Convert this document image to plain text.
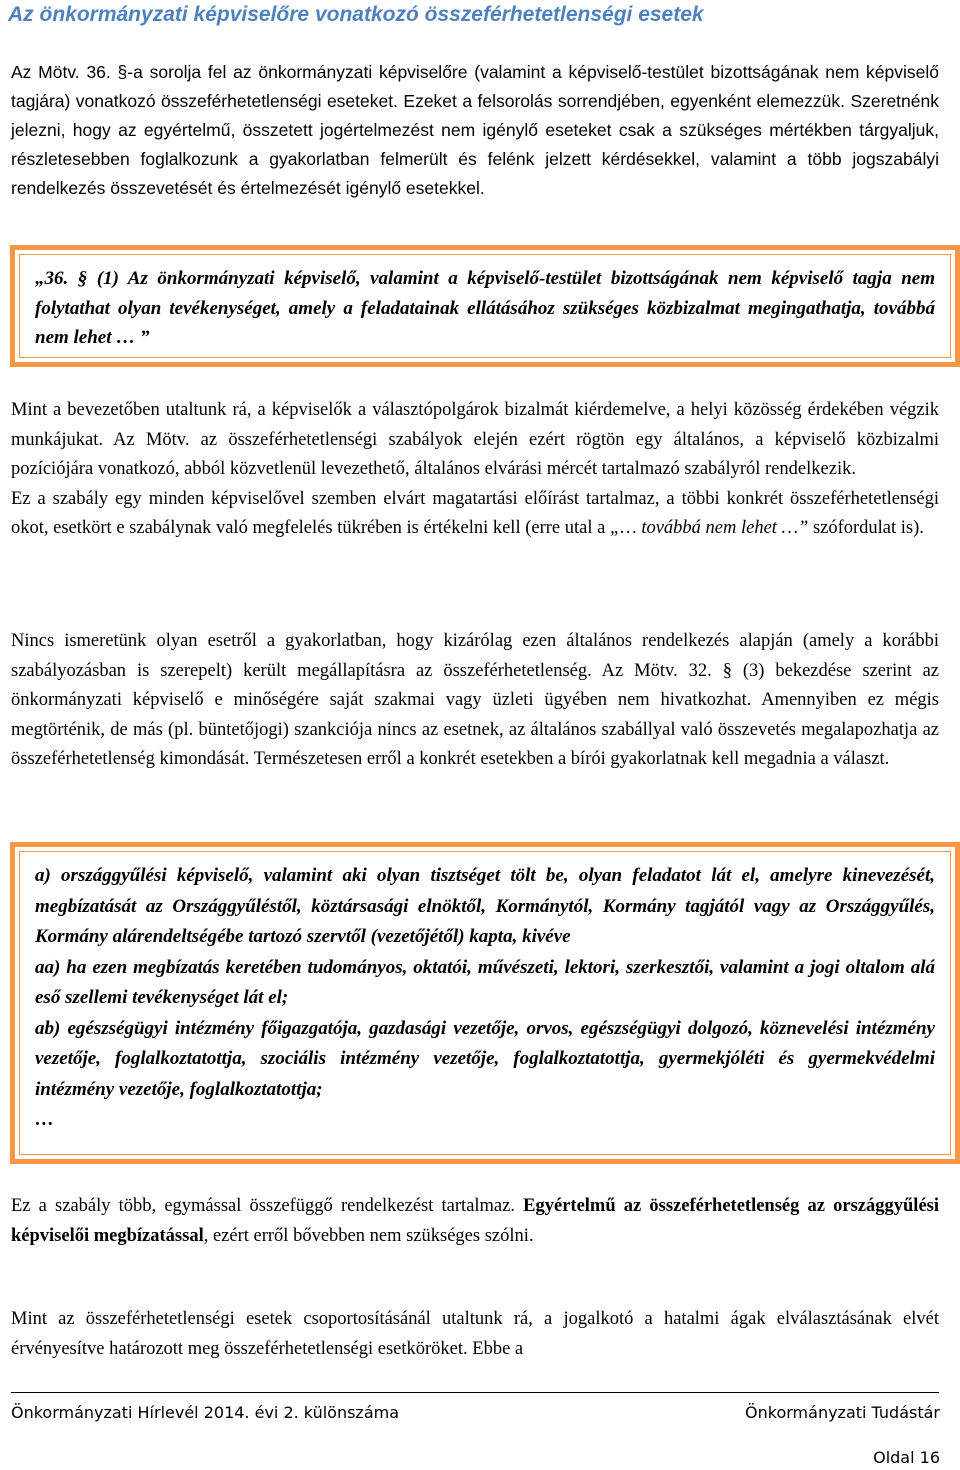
Az önkormányzati képviselőre vonatkozó összeférhetetlenségi esetek

Az Mötv. 36. §-a sorolja fel az önkormányzati képviselőre (valamint a képviselő-testület bizottságának nem képviselő tagjára) vonatkozó összeférhetetlenségi eseteket. Ezeket a felsorolás sorrendjében, egyenként elemezzük. Szeretnénk jelezni, hogy az egyértelmű, összetett jogértelmezést nem igénylő eseteket csak a szükséges mértékben tárgyaljuk, részletesebben foglalkozunk a gyakorlatban felmerült és felénk jelzett kérdésekkel, valamint a több jogszabályi rendelkezés összevetését és értelmezését igénylő esetekkel.

„36. § (1) Az önkormányzati képviselő, valamint a képviselő-testület bizottságának nem képviselő tagja nem folytathat olyan tevékenységet, amely a feladatainak ellátásához szükséges közbizalmat megingathatja, továbbá nem lehet … ”

Mint a bevezetőben utaltunk rá, a képviselők a választópolgárok bizalmát kiérdemelve, a helyi közösség érdekében végzik munkájukat. Az Mötv. az összeférhetetlenségi szabályok elején ezért rögtön egy általános, a képviselő közbizalmi pozíciójára vonatkozó, abból közvetlenül levezethető, általános elvárási mércét tartalmazó szabályról rendelkezik.
Ez a szabály egy minden képviselővel szemben elvárt magatartási előírást tartalmaz, a többi konkrét összeférhetetlenségi okot, esetkört e szabálynak való megfelelés tükrében is értékelni kell (erre utal a „… továbbá nem lehet …” szófordulat is).

Nincs ismeretünk olyan esetről a gyakorlatban, hogy kizárólag ezen általános rendelkezés alapján (amely a korábbi szabályozásban is szerepelt) került megállapításra az összeférhetetlenség. Az Mötv. 32. § (3) bekezdése szerint az önkormányzati képviselő e minőségére saját szakmai vagy üzleti ügyében nem hivatkozhat. Amennyiben ez mégis megtörténik, de más (pl. büntetőjogi) szankciója nincs az esetnek, az általános szabállyal való összevetés megalapozhatja az összeférhetetlenség kimondását. Természetesen erről a konkrét esetekben a bírói gyakorlatnak kell megadnia a választ.

a) országgyűlési képviselő, valamint aki olyan tisztséget tölt be, olyan feladatot lát el, amelyre kinevezését, megbízatását az Országgyűléstől, köztársasági elnöktől, Kormánytól, Kormány tagjától vagy az Országgyűlés, Kormány alárendeltségébe tartozó szervtől (vezetőjétől) kapta, kivéve
aa) ha ezen megbízatás keretében tudományos, oktatói, művészeti, lektori, szerkesztői, valamint a jogi oltalom alá eső szellemi tevékenységet lát el;
ab) egészségügyi intézmény főigazgatója, gazdasági vezetője, orvos, egészségügyi dolgozó, köznevelési intézmény vezetője, foglalkoztatottja, szociális intézmény vezetője, foglalkoztatottja, gyermekjóléti és gyermekvédelmi intézmény vezetője, foglalkoztatottja;
…

Ez a szabály több, egymással összefüggő rendelkezést tartalmaz. Egyértelmű az összeférhetetlenség az országgyűlési képviselői megbízatással, ezért erről bővebben nem szükséges szólni.

Mint az összeférhetetlenségi esetek csoportosításánál utaltunk rá, a jogalkotó a hatalmi ágak elválasztásának elvét érvényesítve határozott meg összeférhetetlenségi esetköröket. Ebbe a

Önkormányzati Hírlevél 2014. évi 2. különszáma	Önkormányzati Tudástár
Oldal 16
